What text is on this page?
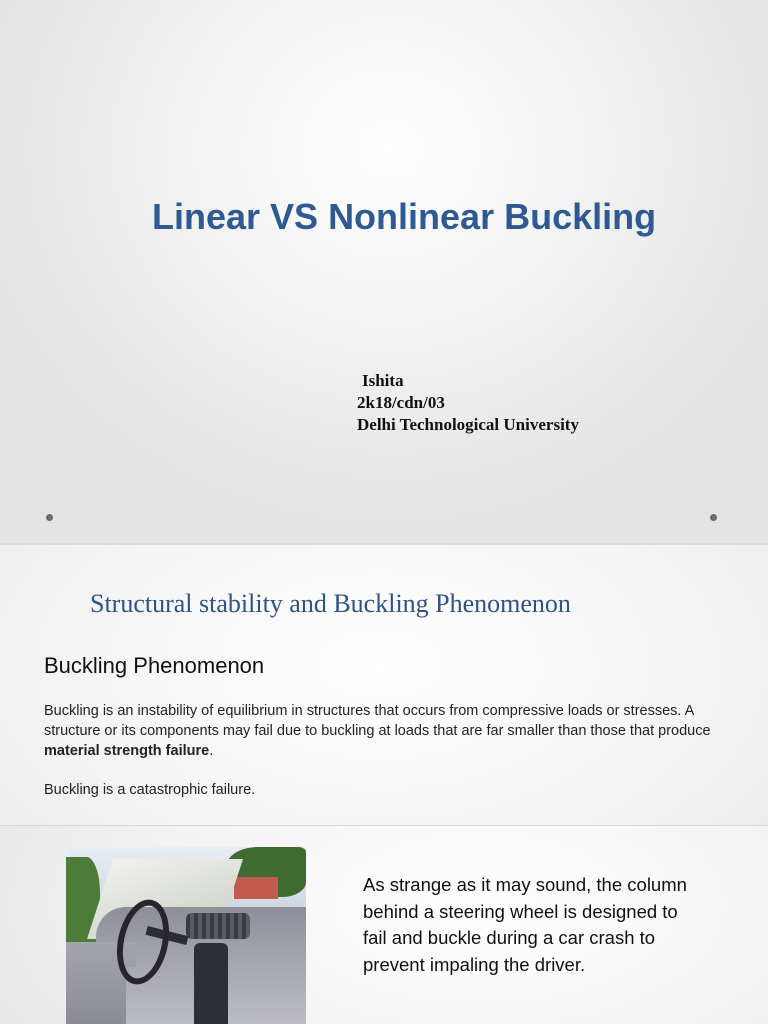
Linear VS Nonlinear Buckling
Ishita
2k18/cdn/03
Delhi Technological University
Structural stability and Buckling Phenomenon
Buckling Phenomenon

Buckling is an instability of equilibrium in structures that occurs from compressive loads or stresses. A structure or its components may fail due to buckling at loads that are far smaller than those that produce material strength failure.

Buckling is a catastrophic failure.

As strange as it may sound, the column behind a steering wheel is designed to fail and buckle during a car crash to prevent impaling the driver.
